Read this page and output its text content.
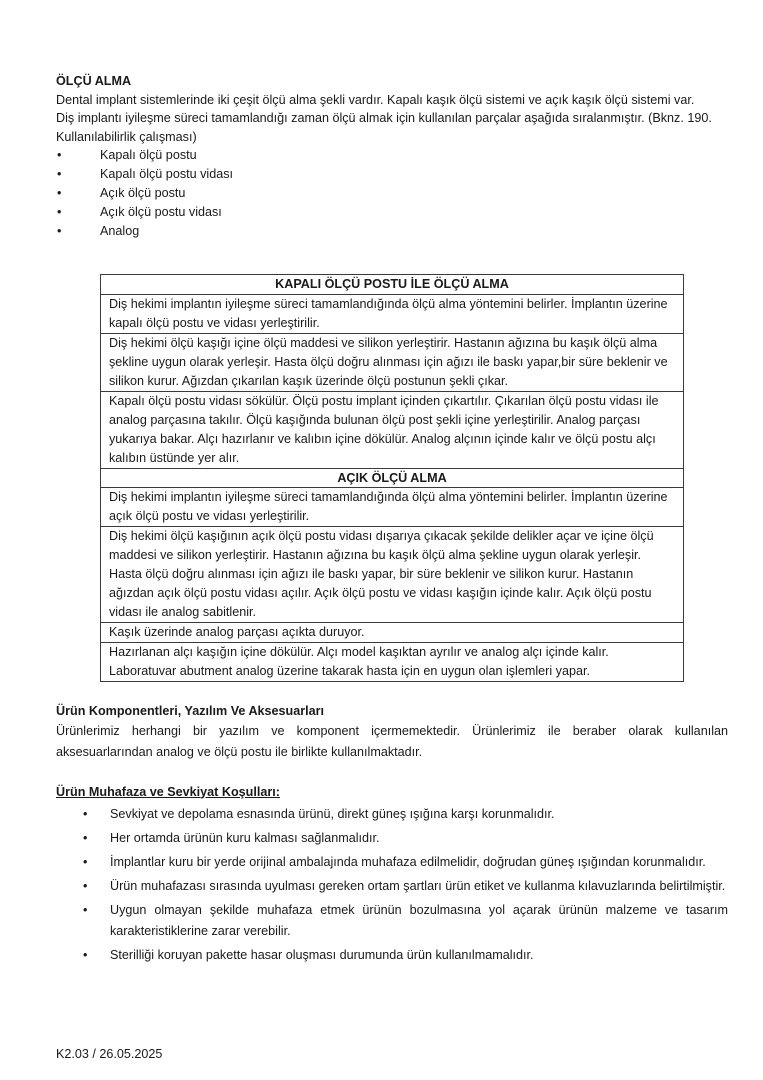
ÖLÇÜ ALMA

Dental implant sistemlerinde iki çeşit ölçü alma şekli vardır. Kapalı kaşık ölçü sistemi ve açık kaşık ölçü sistemi var.

Diş implantı iyileşme süreci tamamlandığı zaman ölçü almak için kullanılan parçalar aşağıda sıralanmıştır. (Bknz. 190. Kullanılabilirlik çalışması)

• Kapalı ölçü postu
• Kapalı ölçü postu vidası
• Açık ölçü postu
• Açık ölçü postu vidası
• Analog
KAPALI ÖLÇÜ POSTU İLE ÖLÇÜ ALMA
Diş hekimi implantın iyileşme süreci tamamlandığında ölçü alma yöntemini belirler. İmplantın üzerine kapalı ölçü postu ve vidası yerleştirilir.
Diş hekimi ölçü kaşığı içine ölçü maddesi ve silikon yerleştirir. Hastanın ağızına bu kaşık ölçü alma şekline uygun olarak yerleşir. Hasta ölçü doğru alınması için ağızı ile baskı yapar,bir süre beklenir ve silikon kurur. Ağızdan çıkarılan kaşık üzerinde ölçü postunun şekli çıkar.
Kapalı ölçü postu vidası sökülür. Ölçü postu implant içinden çıkartılır. Çıkarılan ölçü postu vidası ile analog parçasına takılır. Ölçü kaşığında bulunan ölçü post şekli içine yerleştirilir. Analog parçası yukarıya bakar. Alçı hazırlanır ve kalıbın içine dökülür. Analog alçının içinde kalır ve ölçü postu alçı kalıbın üstünde yer alır.
AÇIK ÖLÇÜ ALMA
Diş hekimi implantın iyileşme süreci tamamlandığında ölçü alma yöntemini belirler. İmplantın üzerine açık ölçü postu ve vidası yerleştirilir.
Diş hekimi ölçü kaşığının açık ölçü postu vidası dışarıya çıkacak şekilde delikler açar ve içine ölçü maddesi ve silikon yerleştirir. Hastanın ağızına bu kaşık ölçü alma şekline uygun olarak yerleşir. Hasta ölçü doğru alınması için ağızı ile baskı yapar, bir süre beklenir ve silikon kurur. Hastanın ağızdan açık ölçü postu vidası açılır. Açık ölçü postu ve vidası kaşığın içinde kalır. Açık ölçü postu vidası ile analog sabitlenir.
Kaşık üzerinde analog parçası açıkta duruyor.
Hazırlanan alçı kaşığın içine dökülür. Alçı model kaşıktan ayrılır ve analog alçı içinde kalır. Laboratuvar abutment analog üzerine takarak hasta için en uygun olan işlemleri yapar.

Ürün Komponentleri, Yazılım Ve Aksesuarları

Ürünlerimiz herhangi bir yazılım ve komponent içermemektedir. Ürünlerimiz ile beraber olarak kullanılan aksesuarlarından analog ve ölçü postu ile birlikte kullanılmaktadır.

Ürün Muhafaza ve Sevkiyat Koşulları:

• Sevkiyat ve depolama esnasında ürünü, direkt güneş ışığına karşı korunmalıdır.
• Her ortamda ürünün kuru kalması sağlanmalıdır.
• İmplantlar kuru bir yerde orijinal ambalajında muhafaza edilmelidir, doğrudan güneş ışığından korunmalıdır.
• Ürün muhafazası sırasında uyulması gereken ortam şartları ürün etiket ve kullanma kılavuzlarında belirtilmiştir.
• Uygun olmayan şekilde muhafaza etmek ürünün bozulmasına yol açarak ürünün malzeme ve tasarım karakteristiklerine zarar verebilir.
• Sterilliği koruyan pakette hasar oluşması durumunda ürün kullanılmamalıdır.
K2.03 / 26.05.2025
